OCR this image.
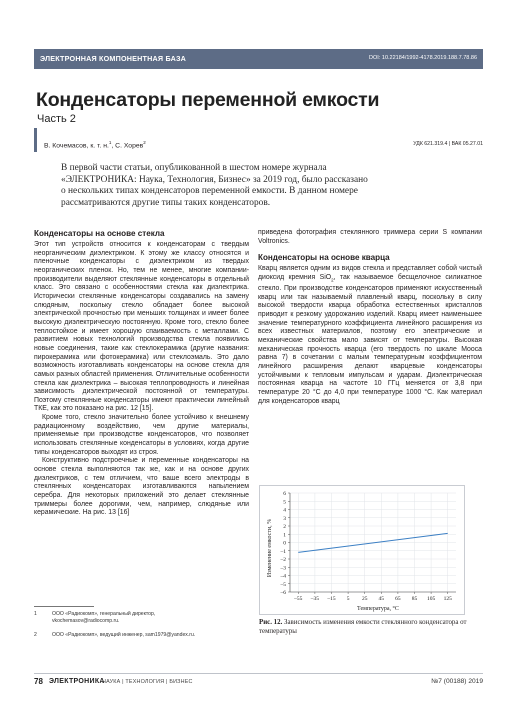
ЭЛЕКТРОННАЯ КОМПОНЕНТНАЯ БАЗА	DOI: 10.22184/1992-4178.2019.188.7.78.86
Конденсаторы переменной емкости
Часть 2
В. Кочемасов, к. т. н.$^1$, С. Хорев$^2$	УДК 621.319.4 | ВАК 05.27.01
В первой части статьи, опубликованной в шестом номере журнала
«ЭЛЕКТРОНИКА: Наука, Технология, Бизнес» за 2019 год, было рассказано
о нескольких типах конденсаторов переменной емкости. В данном номере
рассматриваются другие типы таких конденсаторов.
Конденсаторы на основе стекла

Этот тип устройств относится к конденсаторам с твердым неорганическим диэлектриком. К этому же классу относятся и пленочные конденсаторы с диэлектриком из твердых неорганических пленок. Но, тем не менее, многие компании-производители выделяют стеклянные конденсаторы в отдельный класс. Это связано с особенностями стекла как диэлектрика. Исторически стеклянные конденсаторы создавались на замену слюдяным, поскольку стекло обладает более высокой электрической прочностью при меньших толщинах и имеет более высокую диэлектрическую постоянную. Кроме того, стекло более теплостойкое и имеет хорошую спаиваемость с металлами. С развитием новых технологий производства стекла появились новые соединения, такие как стеклокерамика (другие названия: пирокерамика или фотокерамика) или стеклоэмаль. Это дало возможность изготавливать конденсаторы на основе стекла для самых разных областей применения. Отличительные особенности стекла как диэлектрика – высокая теплопроводность и линейная зависимость диэлектрической постоянной от температуры. Поэтому стеклянные конденсаторы имеют практически линейный ТКЕ, как это показано на рис. 12 [15].

Кроме того, стекло значительно более устойчиво к внешнему радиационному воздействию, чем другие материалы, применяемые при производстве конденсаторов, что позволяет использовать стеклянные конденсаторы в условиях, когда другие типы конденсаторов выходят из строя.

Конструктивно подстроечные и переменные конденсаторы на основе стекла выполняются так же, как и на основе других диэлектриков, с тем отличием, что ваше всего электроды в стеклянных конденсаторах изготавливаются напылением серебра. Для некоторых приложений это делает стеклянные триммеры более дорогими, чем, например, слюдяные или керамические. На рис. 13 [16]

приведена фотография стеклянного триммера серии S компании Voltronics.

Конденсаторы на основе кварца

Кварц является одним из видов стекла и представляет собой чистый диоксид кремния SiO$_2$, так называемое бесщелочное силикатное стекло. При производстве конденсаторов применяют искусственный кварц или так называемый плавленый кварц, поскольку в силу высокой твердости кварца обработка естественных кристаллов приводит к резкому удорожанию изделий. Кварц имеет наименьшее значение температурного коэффициента линейного расширения из всех известных материалов, поэтому его электрические и механические свойства мало зависят от температуры. Высокая механическая прочность кварца (его твердость по шкале Мооса равна 7) в сочетании с малым температурным коэффициентом линейного расширения делают кварцевые конденсаторы устойчивыми к тепловым импульсам и ударам. Диэлектрическая постоянная кварца на частоте 10 ГГц меняется от 3,8 при температуре 20 °С до 4,0 при температуре 1000 °С. Как материал для конденсаторов кварц

6
5
4
3
2
1
0
–1
–2
–3
–4
–5
–6
–55 –35 –15 5 25 45 65 85 105 125
Изменение емкости, %
Температура, °С
Рис. 12. Зависимость изменения емкости стеклянного конденсатора от температуры
1	ООО «Радиокомп», генеральный директор,
vkochemasov@radiocomp.ru.
2	ООО «Радиокомп», ведущий инженер, sam1979@yandex.ru.
78 ЭЛЕКТРОНИКА
НАУКА | ТЕХНОЛОГИЯ | БИЗНЕС	№7 (00188) 2019
